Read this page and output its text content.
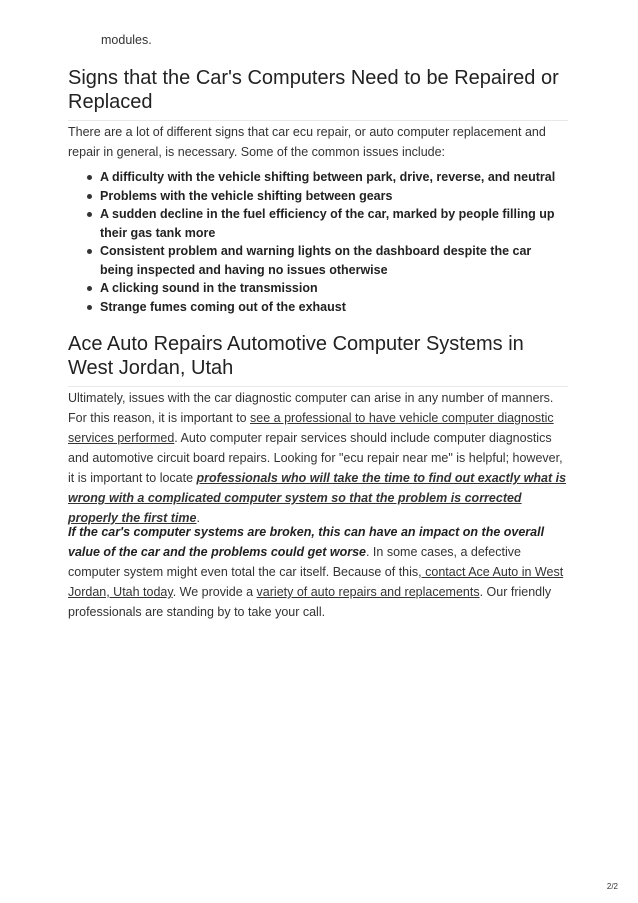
modules.
Signs that the Car's Computers Need to be Repaired or Replaced

There are a lot of different signs that car ecu repair, or auto computer replacement and repair in general, is necessary. Some of the common issues include:

A difficulty with the vehicle shifting between park, drive, reverse, and neutral
Problems with the vehicle shifting between gears
A sudden decline in the fuel efficiency of the car, marked by people filling up their gas tank more
Consistent problem and warning lights on the dashboard despite the car being inspected and having no issues otherwise
A clicking sound in the transmission
Strange fumes coming out of the exhaust
Ace Auto Repairs Automotive Computer Systems in West Jordan, Utah

Ultimately, issues with the car diagnostic computer can arise in any number of manners. For this reason, it is important to see a professional to have vehicle computer diagnostic services performed. Auto computer repair services should include computer diagnostics and automotive circuit board repairs. Looking for "ecu repair near me" is helpful; however, it is important to locate professionals who will take the time to find out exactly what is wrong with a complicated computer system so that the problem is corrected properly the first time.

If the car's computer systems are broken, this can have an impact on the overall value of the car and the problems could get worse. In some cases, a defective computer system might even total the car itself. Because of this, contact Ace Auto in West Jordan, Utah today. We provide a variety of auto repairs and replacements. Our friendly professionals are standing by to take your call.

2/2
